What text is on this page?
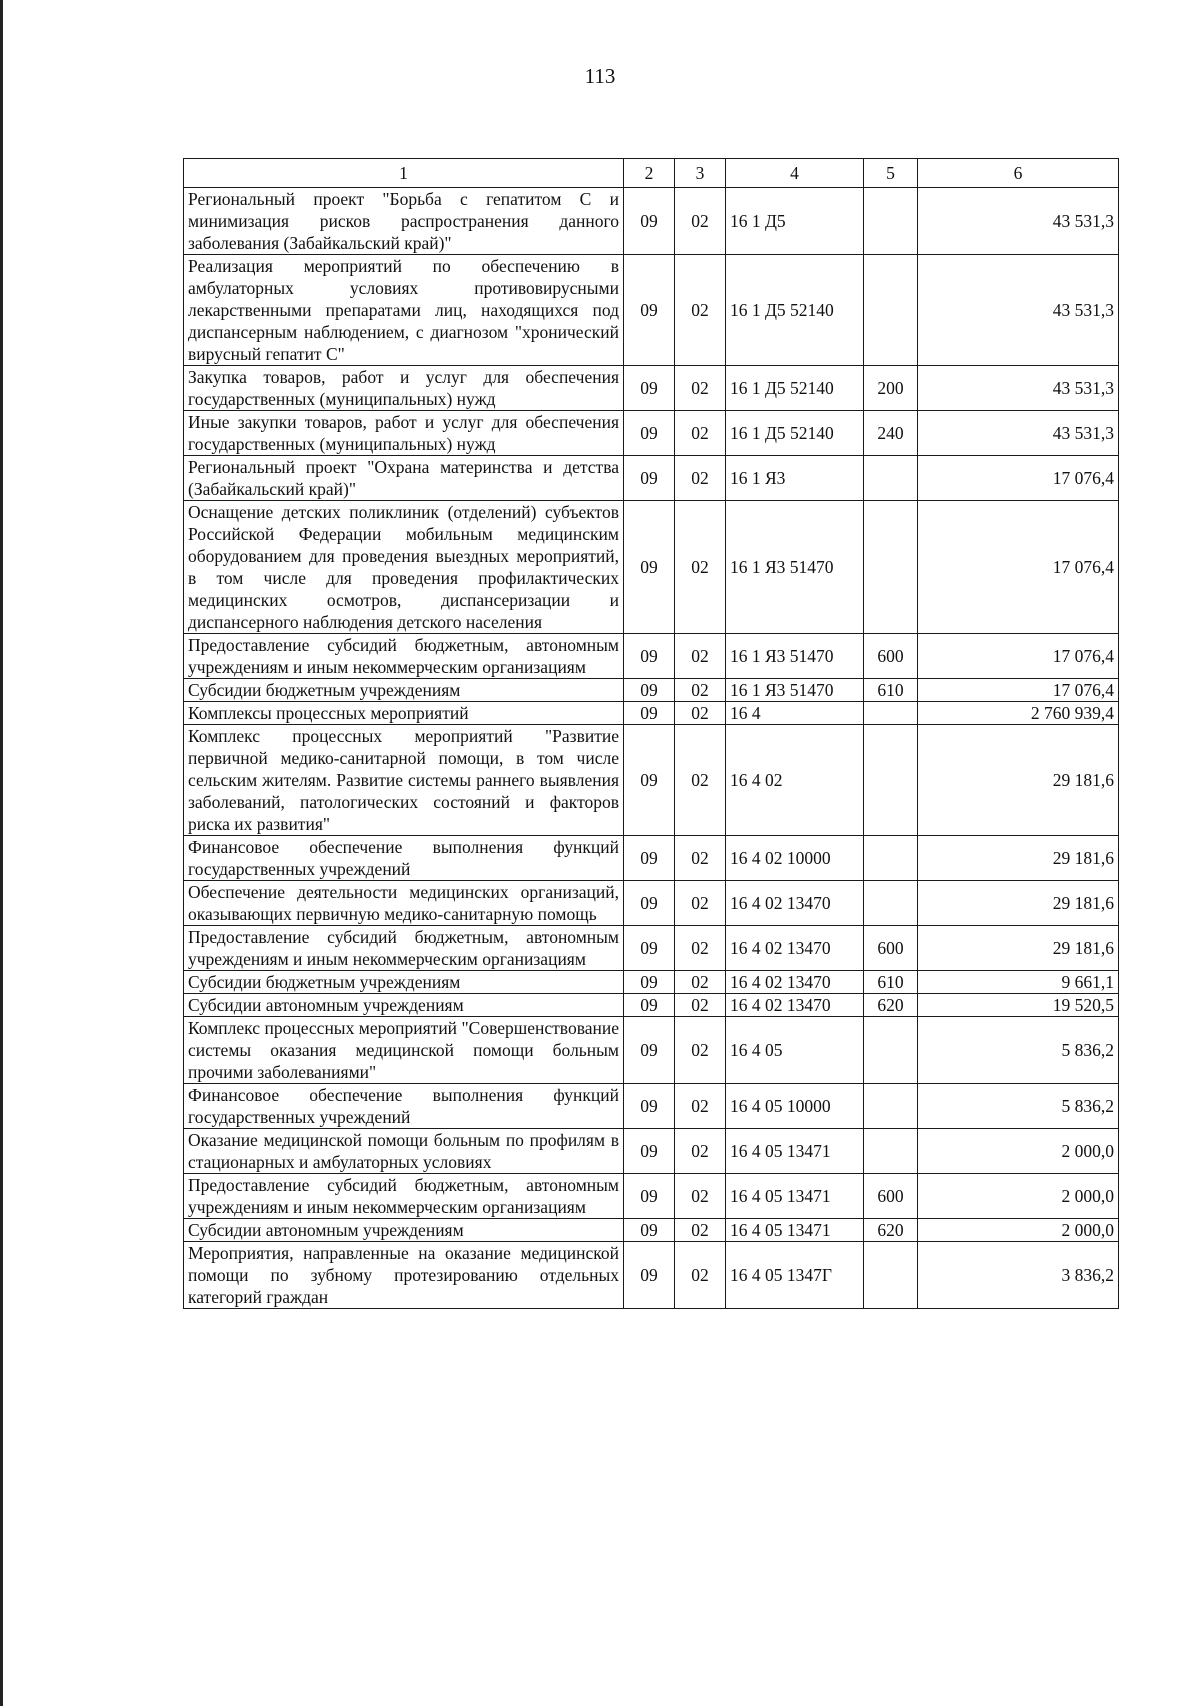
113
1	2	3	4	5	6
Региональный проект "Борьба с гепатитом С и минимизация рисков распространения данного заболевания (Забайкальский край)"	09	02	16 1 Д5		43 531,3
Реализация мероприятий по обеспечению в амбулаторных условиях противовирусными лекарственными препаратами лиц, находящихся под диспансерным наблюдением, с диагнозом "хронический вирусный гепатит С"	09	02	16 1 Д5 52140		43 531,3
Закупка товаров, работ и услуг для обеспечения государственных (муниципальных) нужд	09	02	16 1 Д5 52140	200	43 531,3
Иные закупки товаров, работ и услуг для обеспечения государственных (муниципальных) нужд	09	02	16 1 Д5 52140	240	43 531,3
Региональный проект "Охрана материнства и детства (Забайкальский край)"	09	02	16 1 Я3		17 076,4
Оснащение детских поликлиник (отделений) субъектов Российской Федерации мобильным медицинским оборудованием для проведения выездных мероприятий, в том числе для проведения профилактических медицинских осмотров, диспансеризации и диспансерного наблюдения детского населения	09	02	16 1 Я3 51470		17 076,4
Предоставление субсидий бюджетным, автономным учреждениям и иным некоммерческим организациям	09	02	16 1 Я3 51470	600	17 076,4
Субсидии бюджетным учреждениям	09	02	16 1 Я3 51470	610	17 076,4
Комплексы процессных мероприятий	09	02	16 4		2 760 939,4
Комплекс процессных мероприятий "Развитие первичной медико-санитарной помощи, в том числе сельским жителям. Развитие системы раннего выявления заболеваний, патологических состояний и факторов риска их развития"	09	02	16 4 02		29 181,6
Финансовое обеспечение выполнения функций государственных учреждений	09	02	16 4 02 10000		29 181,6
Обеспечение деятельности медицинских организаций, оказывающих первичную медико-санитарную помощь	09	02	16 4 02 13470		29 181,6
Предоставление субсидий бюджетным, автономным учреждениям и иным некоммерческим организациям	09	02	16 4 02 13470	600	29 181,6
Субсидии бюджетным учреждениям	09	02	16 4 02 13470	610	9 661,1
Субсидии автономным учреждениям	09	02	16 4 02 13470	620	19 520,5
Комплекс процессных мероприятий "Совершенствование системы оказания медицинской помощи больным прочими заболеваниями"	09	02	16 4 05		5 836,2
Финансовое обеспечение выполнения функций государственных учреждений	09	02	16 4 05 10000		5 836,2
Оказание медицинской помощи больным по профилям в стационарных и амбулаторных условиях	09	02	16 4 05 13471		2 000,0
Предоставление субсидий бюджетным, автономным учреждениям и иным некоммерческим организациям	09	02	16 4 05 13471	600	2 000,0
Субсидии автономным учреждениям	09	02	16 4 05 13471	620	2 000,0
Мероприятия, направленные на оказание медицинской помощи по зубному протезированию отдельных категорий граждан	09	02	16 4 05 1347Г		3 836,2
